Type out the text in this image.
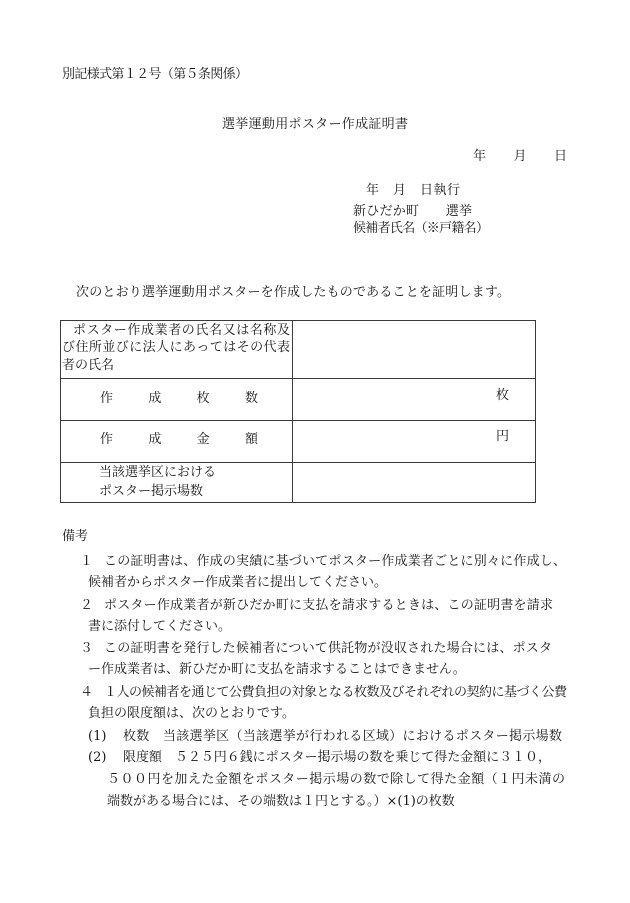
別記様式第１２号（第５条関係）
選挙運動用ポスター作成証明書
年　　月　　日
年　月　日執行
新ひだか町　　選挙
候補者氏名（※戸籍名）
次のとおり選挙運動用ポスターを作成したものであることを証明します。
ポスター作成業者の氏名又は名称及
び住所並びに法人にあってはその代表
者の氏名
作　　成　　枚　　数	枚
作　　成　　金　　額	円
当該選挙区における
ポスター掲示場数
備考
１ この証明書は、作成の実績に基づいてポスター作成業者ごとに別々に作成し、
候補者からポスター作成業者に提出してください。
２ ポスター作成業者が新ひだか町に支払を請求するときは、この証明書を請求
書に添付してください。
３ この証明書を発行した候補者について供託物が没収された場合には、ポスタ
ー作成業者は、新ひだか町に支払を請求することはできません。
４ １人の候補者を通じて公費負担の対象となる枚数及びそれぞれの契約に基づく公費
負担の限度額は、次のとおりです。
(1) 枚数　当該選挙区（当該選挙が行われる区域）におけるポスター掲示場数
(2) 限度額　５２５円６銭にポスター掲示場の数を乗じて得た金額に３１０，
５００円を加えた金額をポスター掲示場の数で除して得た金額（１円未満の
端数がある場合には、その端数は１円とする。）×(1)の枚数
